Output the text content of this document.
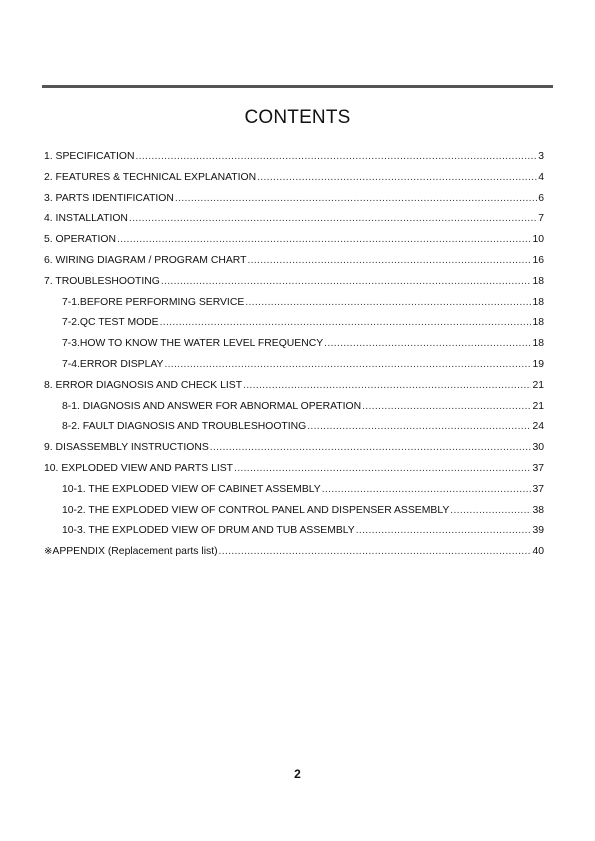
CONTENTS
1. SPECIFICATION .....	3
2. FEATURES & TECHNICAL EXPLANATION .....	4
3. PARTS IDENTIFICATION .....	6
4. INSTALLATION .....	7
5. OPERATION .....	10
6. WIRING DIAGRAM / PROGRAM CHART .....	16
7. TROUBLESHOOTING .....	18
7-1.BEFORE PERFORMING SERVICE .....	18
7-2.QC TEST MODE .....	18
7-3.HOW TO KNOW THE WATER LEVEL FREQUENCY .....	18
7-4.ERROR DISPLAY .....	19
8. ERROR DIAGNOSIS AND CHECK LIST .....	21
8-1. DIAGNOSIS AND ANSWER FOR ABNORMAL OPERATION .....	21
8-2. FAULT DIAGNOSIS AND TROUBLESHOOTING .....	24
9. DISASSEMBLY INSTRUCTIONS .....	30
10. EXPLODED VIEW AND PARTS LIST .....	37
10-1. THE EXPLODED VIEW OF CABINET ASSEMBLY .....	37
10-2. THE EXPLODED VIEW OF CONTROL PANEL AND DISPENSER ASSEMBLY .....	38
10-3. THE EXPLODED VIEW OF DRUM AND TUB ASSEMBLY .....	39
※ APPENDIX (Replacement parts list) .....	40
2
